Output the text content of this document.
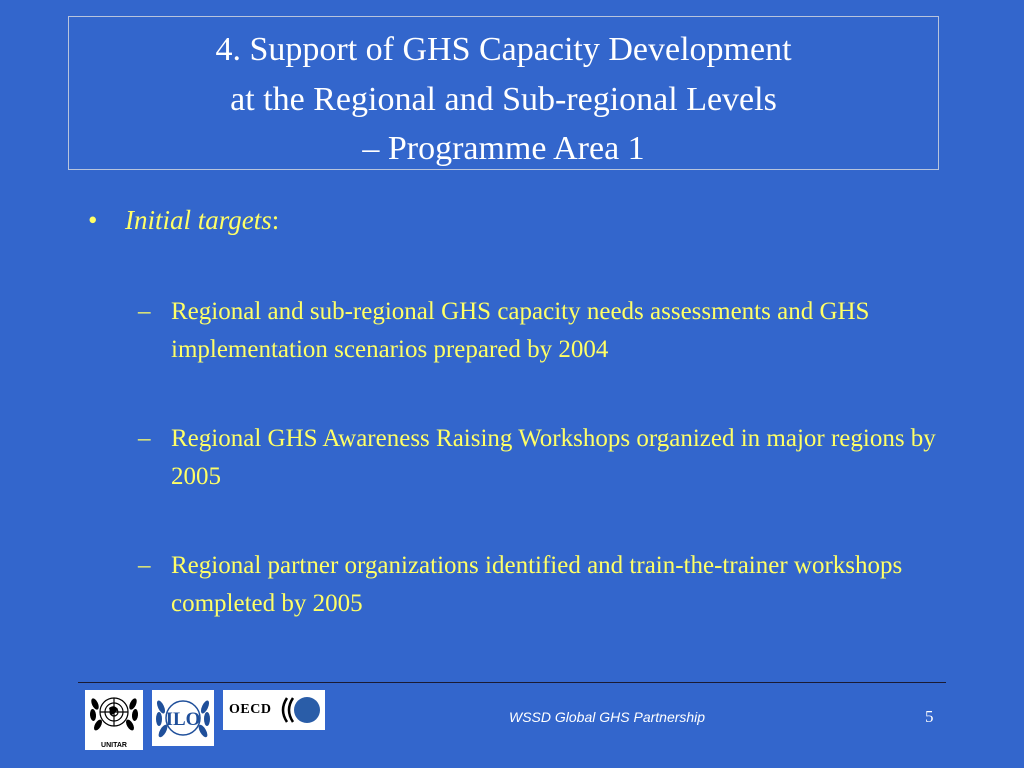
4. Support of GHS Capacity Development
at the Regional and Sub-regional Levels
– Programme Area 1
• Initial targets:
– Regional and sub-regional GHS capacity needs assessments and GHS implementation scenarios prepared by 2004
– Regional GHS Awareness Raising Workshops organized in major regions by 2005
– Regional partner organizations identified and train-the-trainer workshops completed by 2005
UNITAR
ILO OECD	WSSD Global GHS Partnership	5
